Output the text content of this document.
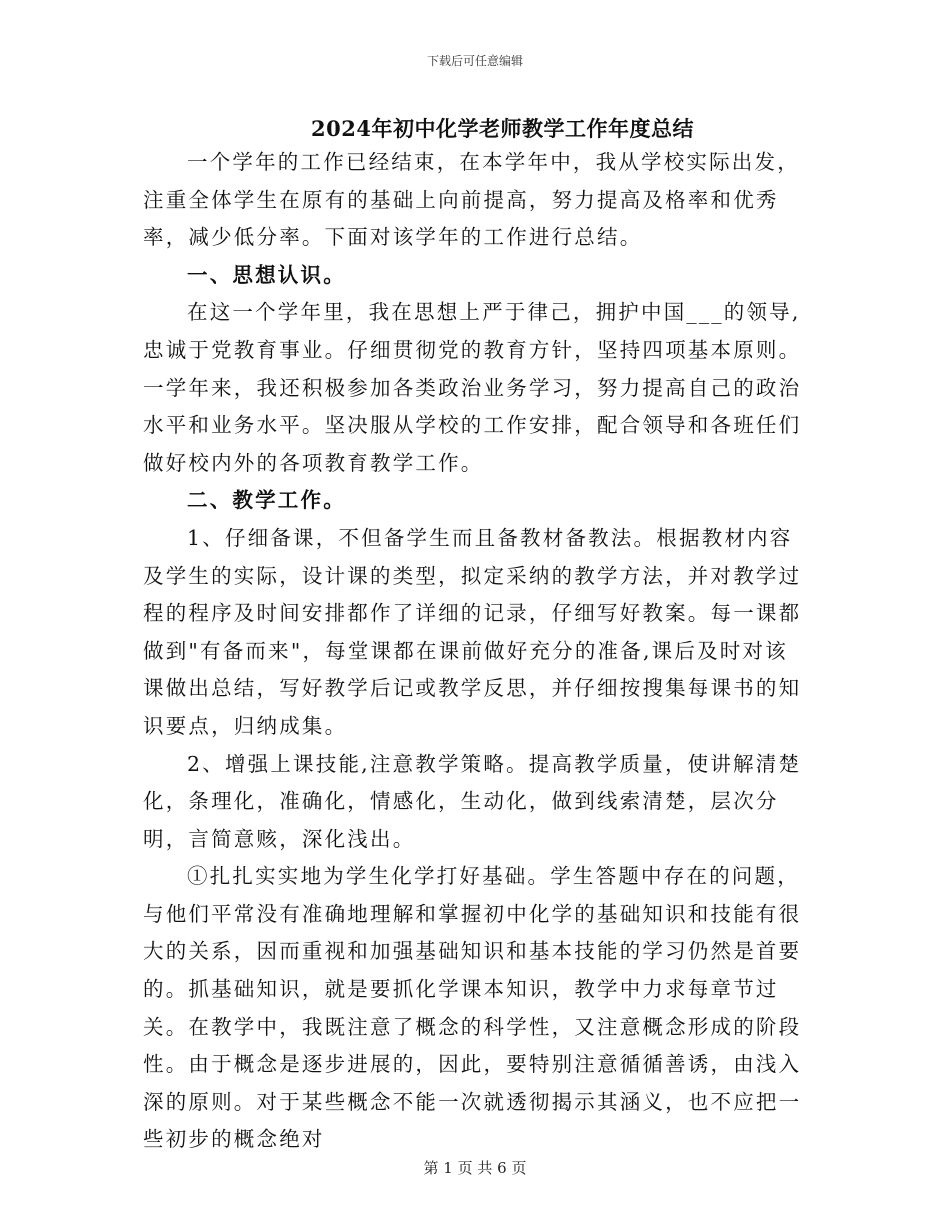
下载后可任意编辑
2024年初中化学老师教学工作年度总结

一个学年的工作已经结束，在本学年中，我从学校实际出发，注重全体学生在原有的基础上向前提高，努力提高及格率和优秀率，减少低分率。下面对该学年的工作进行总结。

一、思想认识。

在这一个学年里，我在思想上严于律己，拥护中国___的领导,忠诚于党教育事业。仔细贯彻党的教育方针，坚持四项基本原则。一学年来，我还积极参加各类政治业务学习，努力提高自己的政治水平和业务水平。坚决服从学校的工作安排，配合领导和各班任们做好校内外的各项教育教学工作。

二、教学工作。

1、仔细备课，不但备学生而且备教材备教法。根据教材内容及学生的实际，设计课的类型，拟定采纳的教学方法，并对教学过程的程序及时间安排都作了详细的记录，仔细写好教案。每一课都做到"有备而来"，每堂课都在课前做好充分的准备,课后及时对该课做出总结，写好教学后记或教学反思，并仔细按搜集每课书的知识要点，归纳成集。

2、增强上课技能,注意教学策略。提高教学质量，使讲解清楚化，条理化，准确化，情感化，生动化，做到线索清楚，层次分明，言简意赅，深化浅出。

①扎扎实实地为学生化学打好基础。学生答题中存在的问题，与他们平常没有准确地理解和掌握初中化学的基础知识和技能有很大的关系，因而重视和加强基础知识和基本技能的学习仍然是首要的。抓基础知识，就是要抓化学课本知识，教学中力求每章节过关。在教学中，我既注意了概念的科学性，又注意概念形成的阶段性。由于概念是逐步进展的，因此，要特别注意循循善诱，由浅入深的原则。对于某些概念不能一次就透彻揭示其涵义，也不应把一些初步的概念绝对

第 1 页 共 6 页
